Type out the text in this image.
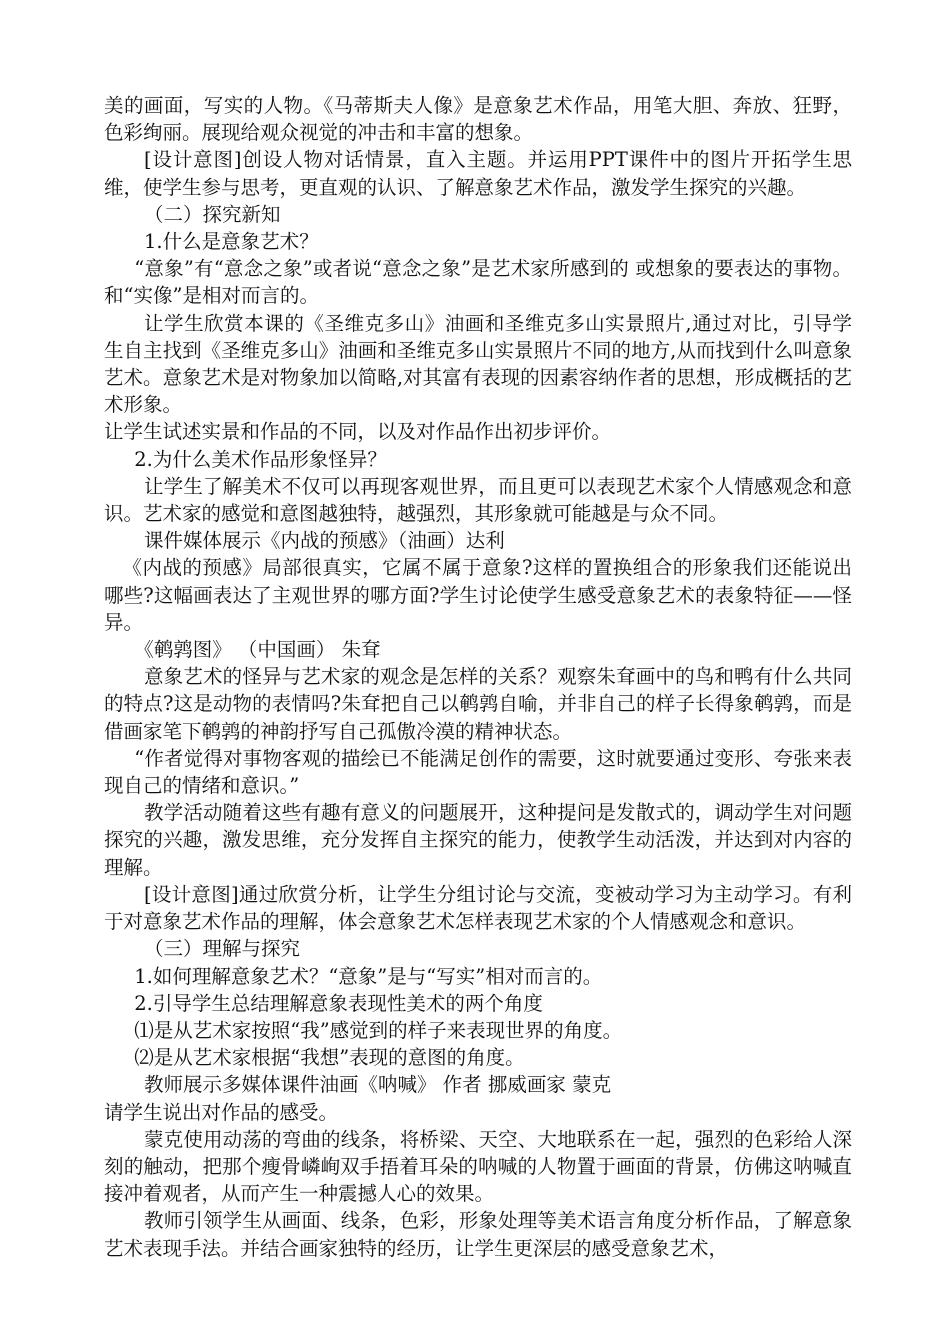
美的画面，写实的人物。《马蒂斯夫人像》是意象艺术作品，用笔大胆、奔放、狂野，色彩绚丽。展现给观众视觉的冲击和丰富的想象。

[设计意图]创设人物对话情景，直入主题。并运用PPT课件中的图片开拓学生思维，使学生参与思考，更直观的认识、了解意象艺术作品，激发学生探究的兴趣。

（二）探究新知

1.什么是意象艺术？

“意象”有“意念之象”或者说“意念之象”是艺术家所感到的 或想象的要表达的事物。和“实像”是相对而言的。

让学生欣赏本课的《圣维克多山》油画和圣维克多山实景照片,通过对比，引导学生自主找到《圣维克多山》油画和圣维克多山实景照片不同的地方,从而找到什么叫意象艺术。意象艺术是对物象加以简略,对其富有表现的因素容纳作者的思想，形成概括的艺术形象。

让学生试述实景和作品的不同，以及对作品作出初步评价。

2.为什么美术作品形象怪异？

让学生了解美术不仅可以再现客观世界，而且更可以表现艺术家个人情感观念和意识。艺术家的感觉和意图越独特，越强烈，其形象就可能越是与众不同。

课件媒体展示《内战的预感》（油画）达利

《内战的预感》局部很真实，它属不属于意象?这样的置换组合的形象我们还能说出哪些?这幅画表达了主观世界的哪方面?学生讨论使学生感受意象艺术的表象特征——怪异。

《鹌鹑图》 （中国画） 朱耷

意象艺术的怪异与艺术家的观念是怎样的关系？观察朱耷画中的鸟和鸭有什么共同的特点?这是动物的表情吗?朱耷把自己以鹌鹑自喻，并非自己的样子长得象鹌鹑，而是借画家笔下鹌鹑的神韵抒写自己孤傲冷漠的精神状态。

“作者觉得对事物客观的描绘已不能满足创作的需要，这时就要通过变形、夸张来表现自己的情绪和意识。”

教学活动随着这些有趣有意义的问题展开，这种提问是发散式的，调动学生对问题探究的兴趣，激发思维，充分发挥自主探究的能力，使教学生动活泼，并达到对内容的理解。

[设计意图]通过欣赏分析，让学生分组讨论与交流，变被动学习为主动学习。有利于对意象艺术作品的理解，体会意象艺术怎样表现艺术家的个人情感观念和意识。

（三）理解与探究

1.如何理解意象艺术？“意象”是与“写实”相对而言的。

2.引导学生总结理解意象表现性美术的两个角度

⑴是从艺术家按照“我”感觉到的样子来表现世界的角度。

⑵是从艺术家根据“我想”表现的意图的角度。

教师展示多媒体课件油画《呐喊》 作者 挪威画家 蒙克

请学生说出对作品的感受。

蒙克使用动荡的弯曲的线条，将桥梁、天空、大地联系在一起，强烈的色彩给人深刻的触动，把那个瘦骨嶙峋双手捂着耳朵的呐喊的人物置于画面的背景，仿佛这呐喊直接冲着观者，从而产生一种震撼人心的效果。

教师引领学生从画面、线条，色彩，形象处理等美术语言角度分析作品，了解意象艺术表现手法。并结合画家独特的经历，让学生更深层的感受意象艺术，
